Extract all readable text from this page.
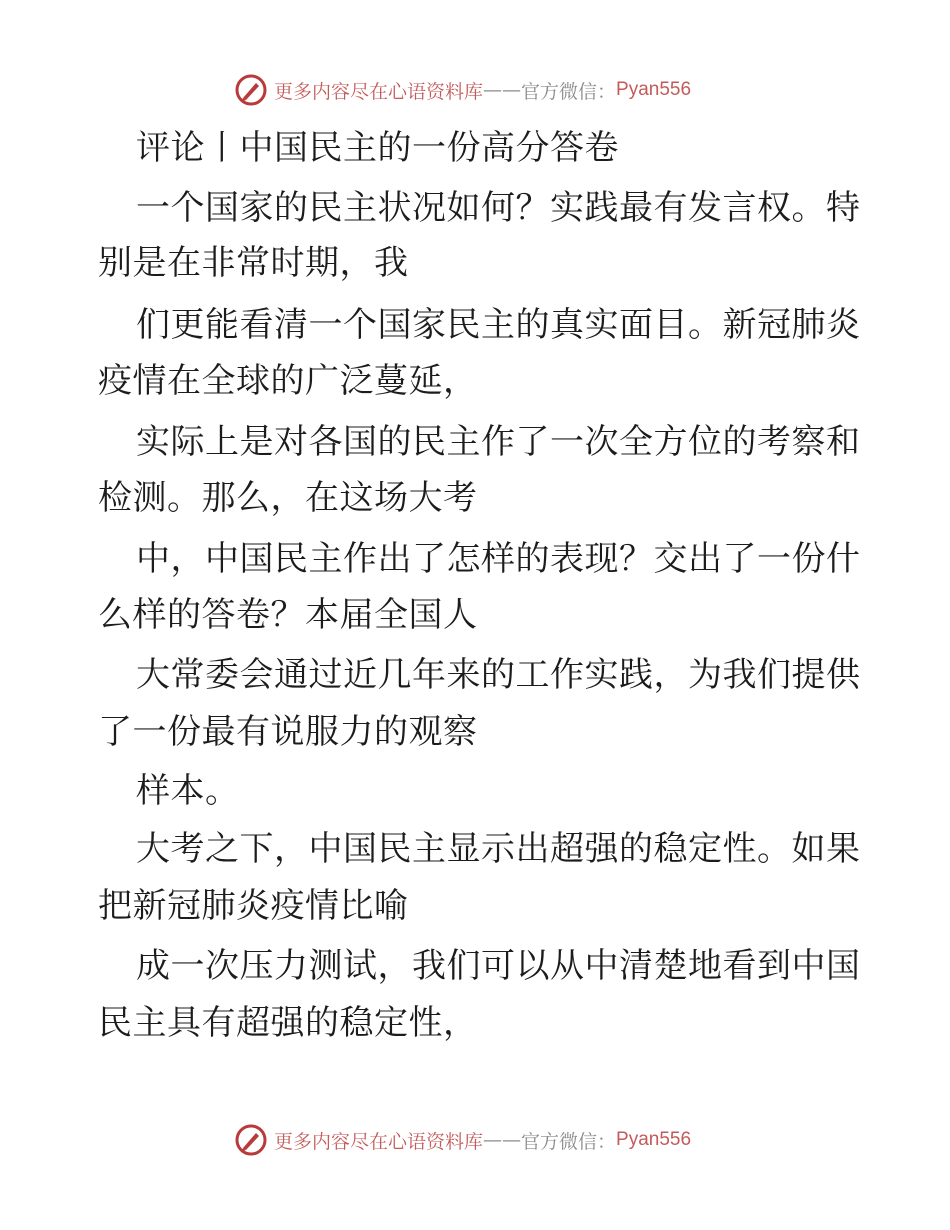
更多内容尽在心语资料库 —— 官方微信： Pyan556
评论丨中国民主的一份高分答卷
一个国家的民主状况如何？实践最有发言权。特
别是在非常时期，我
们更能看清一个国家民主的真实面目。新冠肺炎
疫情在全球的广泛蔓延，
实际上是对各国的民主作了一次全方位的考察和
检测。那么，在这场大考
中，中国民主作出了怎样的表现？交出了一份什
么样的答卷？本届全国人
大常委会通过近几年来的工作实践，为我们提供
了一份最有说服力的观察
样本。
大考之下，中国民主显示出超强的稳定性。如果
把新冠肺炎疫情比喻
成一次压力测试，我们可以从中清楚地看到中国
民主具有超强的稳定性，
更多内容尽在心语资料库 —— 官方微信： Pyan556
